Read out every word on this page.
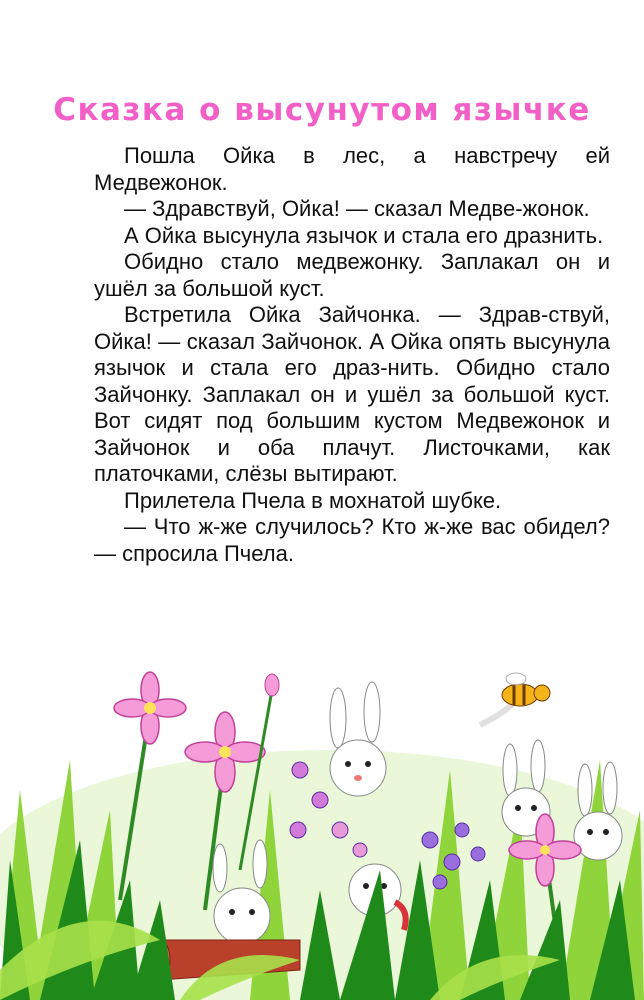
Сказка о высунутом язычке

Пошла Ойка в лес, а навстречу ей Медвежонок.

— Здравствуй, Ойка! — сказал Медве-жонок.

А Ойка высунула язычок и стала его дразнить.

Обидно стало медвежонку. Заплакал он и ушёл за большой куст.

Встретила Ойка Зайчонка. — Здрав-ствуй, Ойка! — сказал Зайчонок. А Ойка опять высунула язычок и стала его драз-нить. Обидно стало Зайчонку. Заплакал он и ушёл за большой куст. Вот сидят под большим кустом Медвежонок и Зайчонок и оба плачут. Листочками, как платочками, слёзы вытирают.

Прилетела Пчела в мохнатой шубке.

— Что ж-же случилось? Кто ж-же вас обидел? — спросила Пчела.
